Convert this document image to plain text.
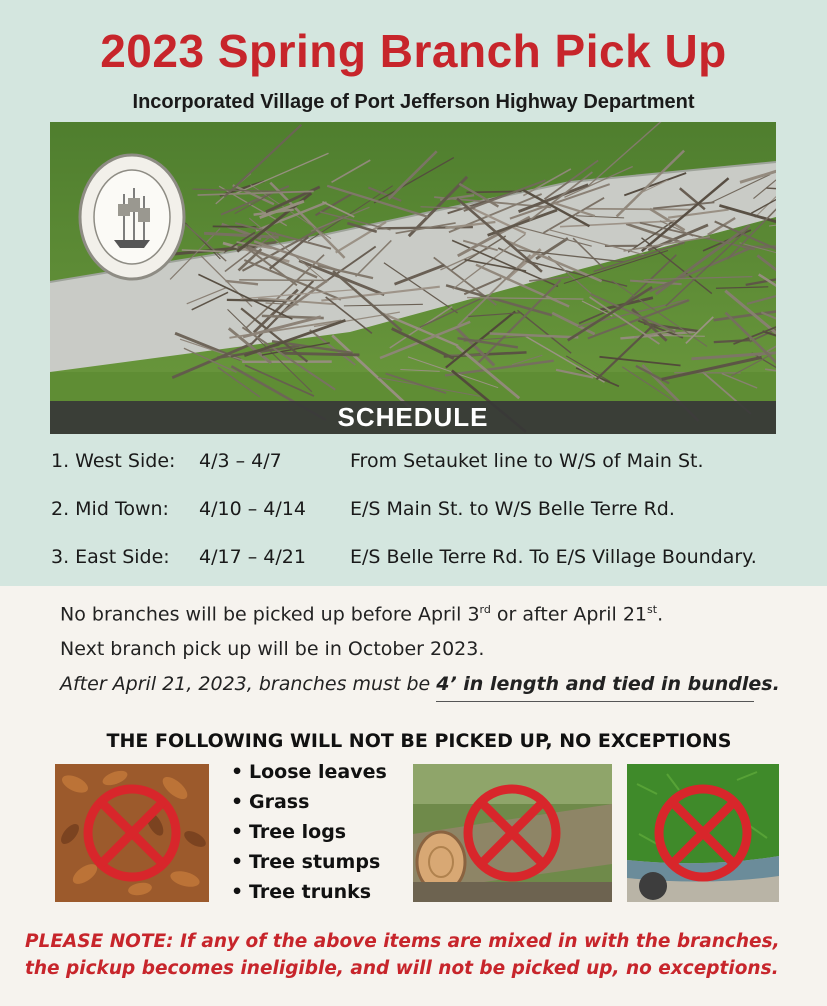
2023 Spring Branch Pick Up
Incorporated Village of Port Jefferson Highway Department
SCHEDULE
1. West Side: 4/3 – 4/7	From Setauket line to W/S of Main St.
2. Mid Town: 4/10 – 4/14 E/S Main St. to W/S Belle Terre Rd.
3. East Side: 4/17 – 4/21 E/S Belle Terre Rd. To E/S Village Boundary.
No branches will be picked up before April 3rd or after April 21st.
Next branch pick up will be in October 2023.
After April 21, 2023, branches must be 4’ in length and tied in bundles.
THE FOLLOWING WILL NOT BE PICKED UP, NO EXCEPTIONS
• Loose leaves
• Grass
• Tree logs
• Tree stumps
• Tree trunks
PLEASE NOTE: If any of the above items are mixed in with the branches, the pickup becomes ineligible, and will not be picked up, no exceptions.
